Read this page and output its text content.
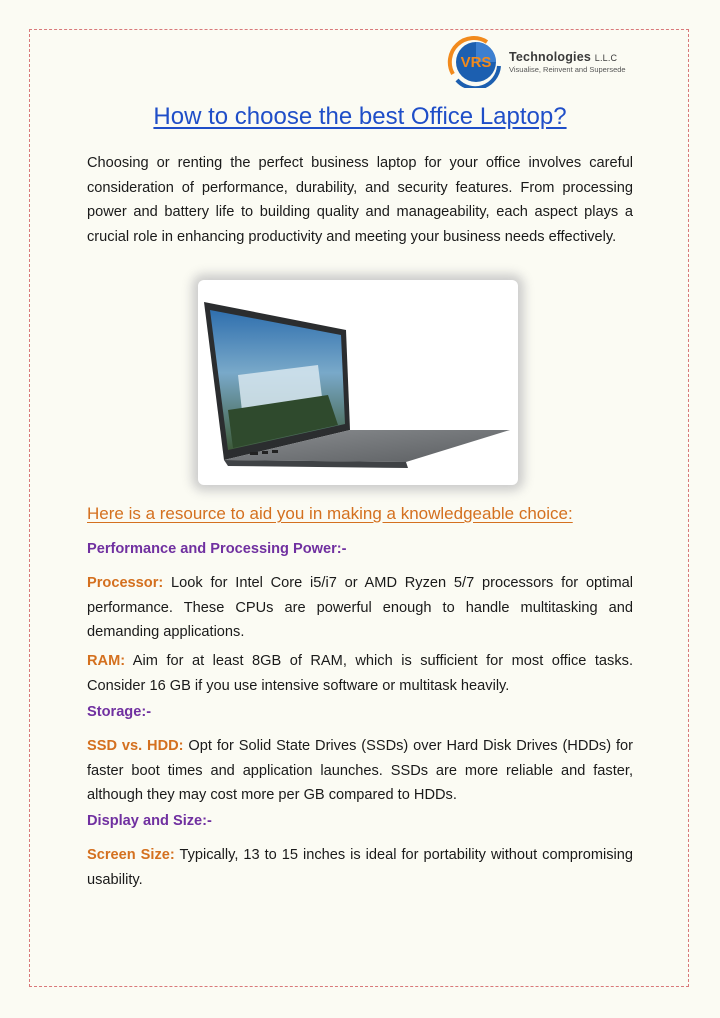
VRS Technologies L.L.C
Visualise, Reinvent and Supersede
How to choose the best Office Laptop?

Choosing or renting the perfect business laptop for your office involves careful consideration of performance, durability, and security features. From processing power and battery life to building quality and manageability, each aspect plays a crucial role in enhancing productivity and meeting your business needs effectively.

Here is a resource to aid you in making a knowledgeable choice:
Performance and Processing Power:-

Processor: Look for Intel Core i5/i7 or AMD Ryzen 5/7 processors for optimal performance. These CPUs are powerful enough to handle multitasking and demanding applications.

RAM: Aim for at least 8GB of RAM, which is sufficient for most office tasks. Consider 16 GB if you use intensive software or multitask heavily.

Storage:-

SSD vs. HDD: Opt for Solid State Drives (SSDs) over Hard Disk Drives (HDDs) for faster boot times and application launches. SSDs are more reliable and faster, although they may cost more per GB compared to HDDs.

Display and Size:-

Screen Size: Typically, 13 to 15 inches is ideal for portability without compromising usability.
